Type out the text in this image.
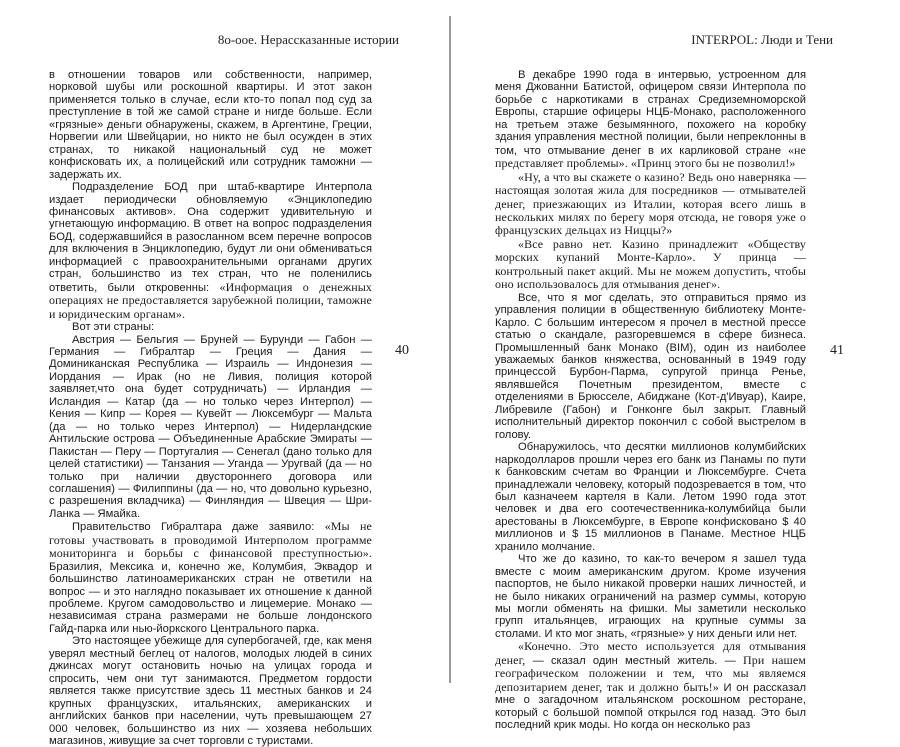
8o-ooe. Нерассказанные истории
40

в отношении товаров или собственности, например, норковой шубы или роскошной квартиры. И этот закон применяется только в случае, если кто-то попал под суд за преступление в той же самой стране и нигде больше. Если «грязные» деньги обнаружены, скажем, в Аргентине, Греции, Норвегии или Швейцарии, но никто не был осужден в этих странах, то никакой национальный суд не может конфисковать их, а полицейский или сотрудник таможни — задержать их.

Подразделение БОД при штаб-квартире Интерпола издает периодически обновляемую «Энциклопедию финансовых активов». Она содержит удивительную и угнетающую информацию. В ответ на вопрос подразделения БОД, содержавшийся в разосланном всем перечне вопросов для включения в Энциклопедию, будут ли они обмениваться информацией с правоохранительными органами других стран, большинство из тех стран, что не поленились ответить, были откровенны: «Информация о денежных операциях не предоставляется зарубежной полиции, таможне и юридическим органам».

Вот эти страны:

Австрия — Бельгия — Бруней — Бурунди — Габон — Германия — Гибралтар — Греция — Дания — Доминиканская Республика — Израиль — Индонезия — Иордания — Ирак (но не Ливия, полиция которой заявляет,что она будет сотрудничать) — Ирландия — Исландия — Катар (да — но только через Интерпол) — Кения — Кипр — Корея — Кувейт — Люксембург — Мальта (да — но только через Интерпол) — Нидерландские Антильские острова — Объединенные Арабские Эмираты — Пакистан — Перу — Португалия — Сенегал (дано только для целей статистики) — Танзания — Уганда — Уругвай (да — но только при наличии двустороннего договора или соглашения) — Филиппины (да — но, что довольно курьезно, с разрешения вкладчика) — Финляндия — Швеция — Шри-Ланка — Ямайка.

Правительство Гибралтара даже заявило: «Мы не готовы участвовать в проводимой Интерполом программе мониторинга и борьбы с финансовой преступностью». Бразилия, Мексика и, конечно же, Колумбия, Эквадор и большинство латиноамериканских стран не ответили на вопрос — и это наглядно показывает их отношение к данной проблеме. Кругом самодовольство и лицемерие. Монако — независимая страна размерами не больше лондонского Гайд-парка или нью-йоркского Центрального парка.

Это настоящее убежище для супербогачей, где, как меня уверял местный беглец от налогов, молодых людей в синих джинсах могут остановить ночью на улицах города и спросить, чем они тут занимаются. Предметом гордости является также присутствие здесь 11 местных банков и 24 крупных французских, итальянских, американских и английских банков при населении, чуть превышающем 27 000 человек, большинство из них — хозяева небольших магазинов, живущие за счет торговли с туристами.

INTERPOL: Люди и Тени
41

В декабре 1990 года в интервью, устроенном для меня Джованни Батистой, офицером связи Интерпола по борьбе с наркотиками в странах Средиземноморской Европы, старшие офицеры НЦБ-Монако, расположенного на третьем этаже безымянного, похожего на коробку здания управления местной полиции, были непреклонны в том, что отмывание денег в их карликовой стране «не представляет проблемы». «Принц этого бы не позволил!»

«Ну, а что вы скажете о казино? Ведь оно наверняка — настоящая золотая жила для посредников — отмывателей денег, приезжающих из Италии, которая всего лишь в нескольких милях по берегу моря отсюда, не говоря уже о французских дельцах из Ниццы?»

«Все равно нет. Казино принадлежит «Обществу морских купаний Монте-Карло». У принца — контрольный пакет акций. Мы не можем допустить, чтобы оно использовалось для отмывания денег».

Все, что я мог сделать, это отправиться прямо из управления полиции в общественную библиотеку Монте-Карло. С большим интересом я прочел в местной прессе статью о скандале, разгоревшемся в сфере бизнеса. Промышленный банк Монако (BIM), один из наиболее уважаемых банков княжества, основанный в 1949 году принцессой Бурбон-Парма, супругой принца Ренье, являвшейся Почетным президентом, вместе с отделениями в Брюсселе, Абиджане (Кот-д'Ивуар), Каире, Либревиле (Габон) и Гонконге был закрыт. Главный исполнительный директор покончил с собой выстрелом в голову.

Обнаружилось, что десятки миллионов колумбийских наркодолларов прошли через его банк из Панамы по пути к банковским счетам во Франции и Люксембурге. Счета принадлежали человеку, который подозревается в том, что был казначеем картеля в Кали. Летом 1990 года этот человек и два его соотечественника-колумбийца были арестованы в Люксембурге, в Европе конфисковано $ 40 миллионов и $ 15 миллионов в Панаме. Местное НЦБ хранило молчание.

Что же до казино, то как-то вечером я зашел туда вместе с моим американским другом. Кроме изучения паспортов, не было никакой проверки наших личностей, и не было никаких ограничений на размер суммы, которую мы могли обменять на фишки. Мы заметили несколько групп итальянцев, играющих на крупные суммы за столами. И кто мог знать, «грязные» у них деньги или нет.

«Конечно. Это место используется для отмывания денег, — сказал один местный житель. — При нашем географическом положении и тем, что мы являемся депозитарием денег, так и должно быть!» И он рассказал мне о загадочном итальянском роскошном ресторане, который с большой помпой открылся год назад. Это был последний крик моды. Но когда он несколько раз
